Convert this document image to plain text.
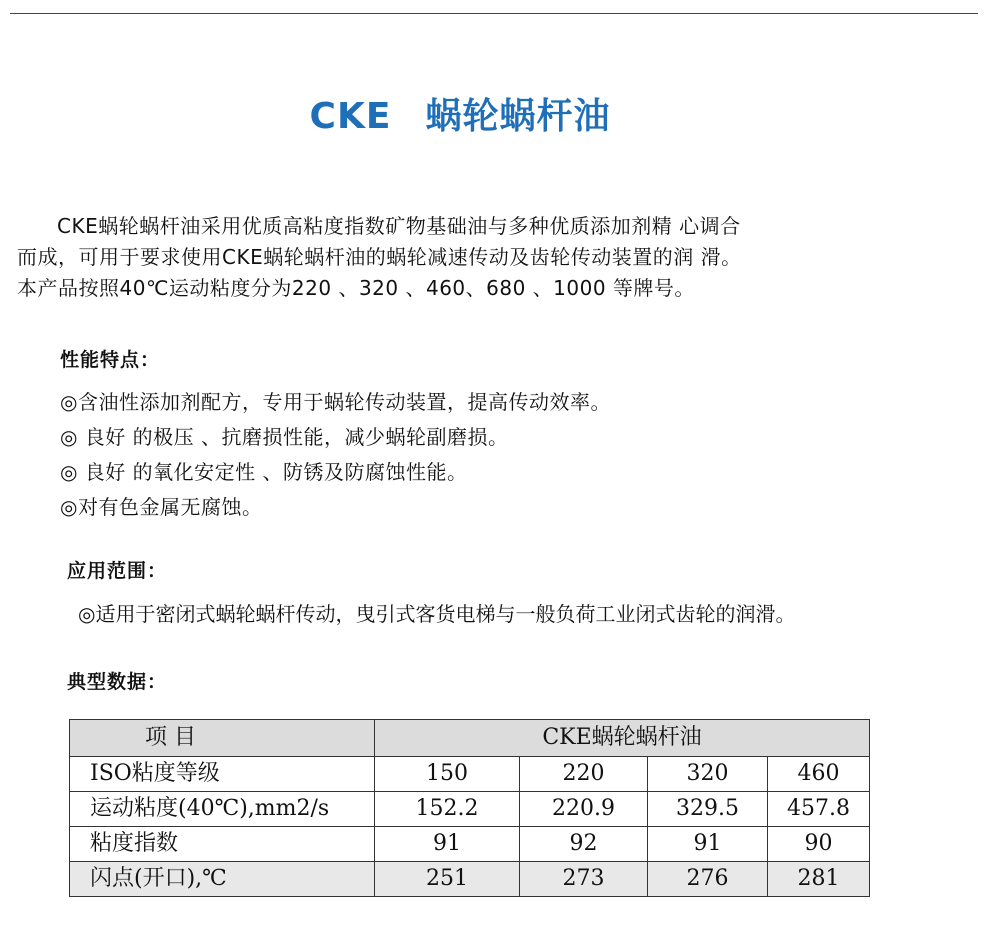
CKE 蜗轮蜗杆油
CKE蜗轮蜗杆油采用优质高粘度指数矿物基础油与多种优质添加剂精 心调合
而成，可用于要求使用CKE蜗轮蜗杆油的蜗轮减速传动及齿轮传动装置的润 滑。
本产品按照40℃运动粘度分为220 、320 、460、680 、1000 等牌号。
性能特点：
◎含油性添加剂配方，专用于蜗轮传动装置，提高传动效率。
◎ 良好 的极压 、抗磨损性能，减少蜗轮副磨损。
◎ 良好 的氧化安定性 、防锈及防腐蚀性能。
◎对有色金属无腐蚀。
应用范围：
◎适用于密闭式蜗轮蜗杆传动，曳引式客货电梯与一般负荷工业闭式齿轮的润滑。
典型数据：
项 目	CKE蜗轮蜗杆油			
ISO粘度等级	150	220	320	460
运动粘度(40℃),mm2/s	152.2	220.9	329.5	457.8
粘度指数	91	92	91	90
闪点(开口),℃	251	273	276	281
